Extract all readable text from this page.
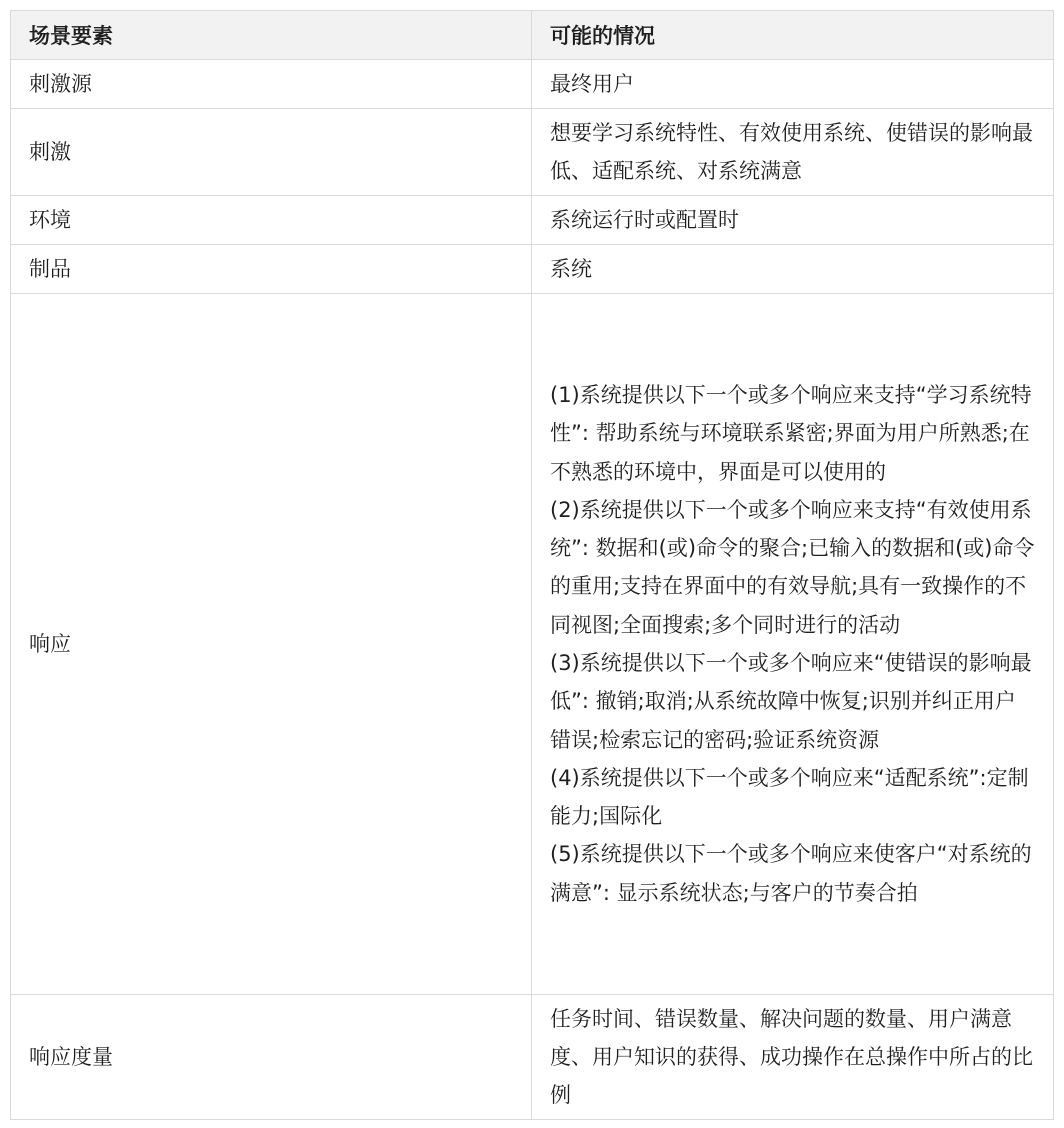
场景要素	可能的情况
刺激源	最终用户

刺激	想要学习系统特性、有效使用系统、使错误的影响最低、适配系统、对系统满意

环境	系统运行时或配置时

制品	系统

响应	(1)系统提供以下一个或多个响应来支持“学习系统特性”: 帮助系统与环境联系紧密;界面为用户所熟悉;在不熟悉的环境中，界面是可以使用的
(2)系统提供以下一个或多个响应来支持“有效使用系统”: 数据和(或)命令的聚合;已输入的数据和(或)命令的重用;支持在界面中的有效导航;具有一致操作的不同视图;全面搜索;多个同时进行的活动
(3)系统提供以下一个或多个响应来“使错误的影响最低”: 撤销;取消;从系统故障中恢复;识别并纠正用户错误;检索忘记的密码;验证系统资源
(4)系统提供以下一个或多个响应来“适配系统”:定制能力;国际化
(5)系统提供以下一个或多个响应来使客户“对系统的满意”: 显示系统状态;与客户的节奏合拍

响应度量	任务时间、错误数量、解决问题的数量、用户满意度、用户知识的获得、成功操作在总操作中所占的比例
